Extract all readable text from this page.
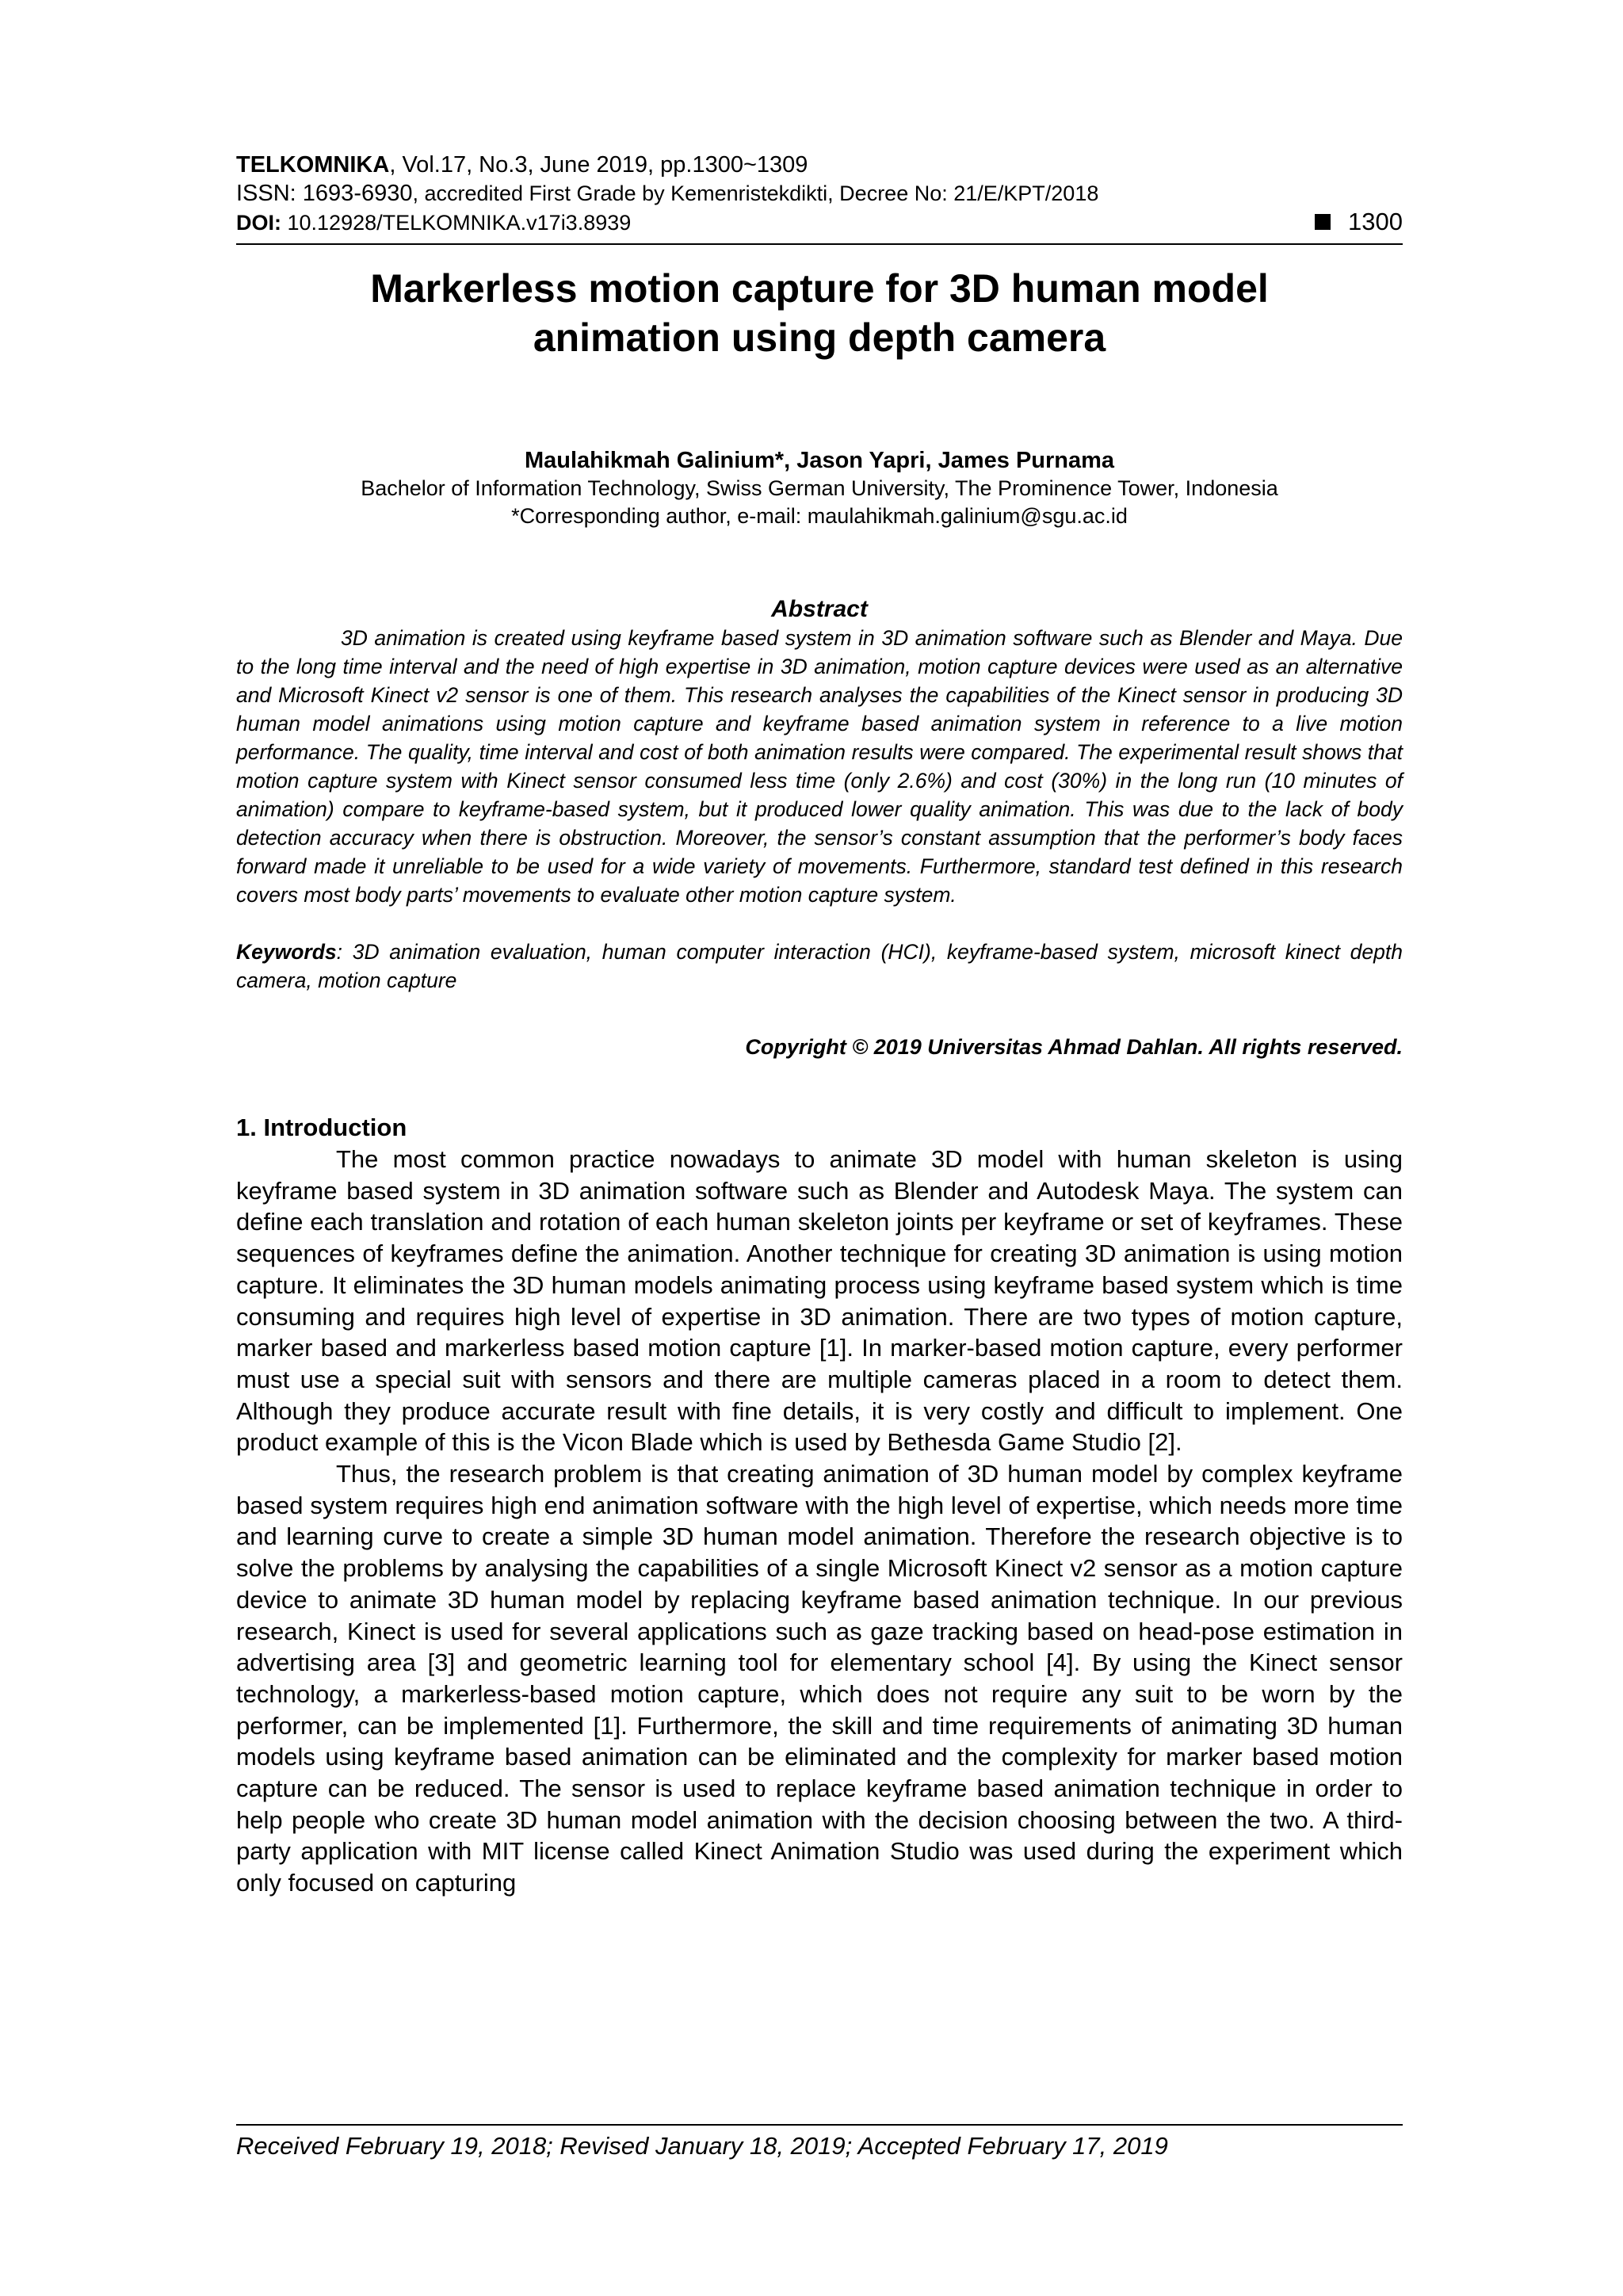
TELKOMNIKA, Vol.17, No.3, June 2019, pp.1300~1309
ISSN: 1693-6930, accredited First Grade by Kemenristekdikti, Decree No: 21/E/KPT/2018
DOI: 10.12928/TELKOMNIKA.v17i3.8939	1300
Markerless motion capture for 3D human model
animation using depth camera
Maulahikmah Galinium*, Jason Yapri, James Purnama
Bachelor of Information Technology, Swiss German University, The Prominence Tower, Indonesia
*Corresponding author, e-mail: maulahikmah.galinium@sgu.ac.id
Abstract
3D animation is created using keyframe based system in 3D animation software such as Blender and Maya. Due to the long time interval and the need of high expertise in 3D animation, motion capture devices were used as an alternative and Microsoft Kinect v2 sensor is one of them. This research analyses the capabilities of the Kinect sensor in producing 3D human model animations using motion capture and keyframe based animation system in reference to a live motion performance. The quality, time interval and cost of both animation results were compared. The experimental result shows that motion capture system with Kinect sensor consumed less time (only 2.6%) and cost (30%) in the long run (10 minutes of animation) compare to keyframe-based system, but it produced lower quality animation. This was due to the lack of body detection accuracy when there is obstruction. Moreover, the sensor’s constant assumption that the performer’s body faces forward made it unreliable to be used for a wide variety of movements. Furthermore, standard test defined in this research covers most body parts’ movements to evaluate other motion capture system.
Keywords: 3D animation evaluation, human computer interaction (HCI), keyframe-based system, microsoft kinect depth camera, motion capture
Copyright © 2019 Universitas Ahmad Dahlan. All rights reserved.
1. Introduction

The most common practice nowadays to animate 3D model with human skeleton is using keyframe based system in 3D animation software such as Blender and Autodesk Maya. The system can define each translation and rotation of each human skeleton joints per keyframe or set of keyframes. These sequences of keyframes define the animation. Another technique for creating 3D animation is using motion capture. It eliminates the 3D human models animating process using keyframe based system which is time consuming and requires high level of expertise in 3D animation. There are two types of motion capture, marker based and markerless based motion capture [1]. In marker-based motion capture, every performer must use a special suit with sensors and there are multiple cameras placed in a room to detect them. Although they produce accurate result with fine details, it is very costly and difficult to implement. One product example of this is the Vicon Blade which is used by Bethesda Game Studio [2].

Thus, the research problem is that creating animation of 3D human model by complex keyframe based system requires high end animation software with the high level of expertise, which needs more time and learning curve to create a simple 3D human model animation. Therefore the research objective is to solve the problems by analysing the capabilities of a single Microsoft Kinect v2 sensor as a motion capture device to animate 3D human model by replacing keyframe based animation technique. In our previous research, Kinect is used for several applications such as gaze tracking based on head-pose estimation in advertising area [3] and geometric learning tool for elementary school [4]. By using the Kinect sensor technology, a markerless-based motion capture, which does not require any suit to be worn by the performer, can be implemented [1]. Furthermore, the skill and time requirements of animating 3D human models using keyframe based animation can be eliminated and the complexity for marker based motion capture can be reduced. The sensor is used to replace keyframe based animation technique in order to help people who create 3D human model animation with the decision choosing between the two. A third-party application with MIT license called Kinect Animation Studio was used during the experiment which only focused on capturing

Received February 19, 2018; Revised January 18, 2019; Accepted February 17, 2019
